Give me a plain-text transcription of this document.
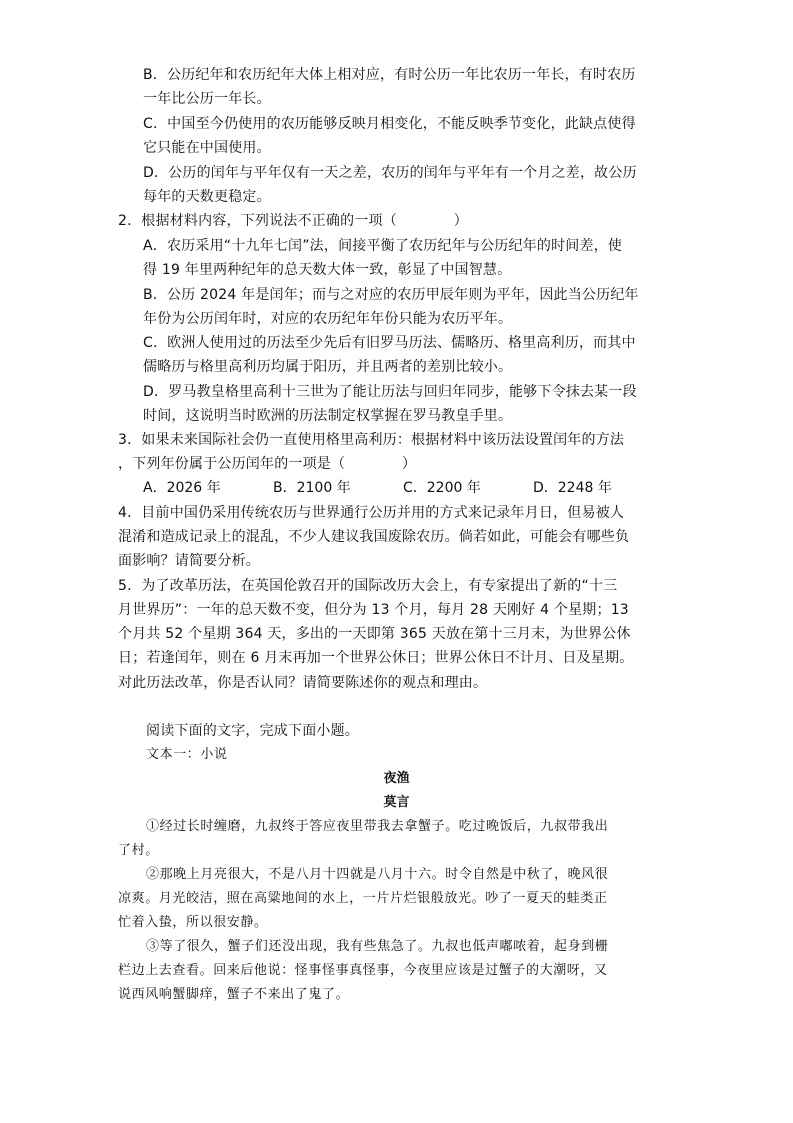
B．公历纪年和农历纪年大体上相对应，有时公历一年比农历一年长，有时农历
一年比公历一年长。
C．中国至今仍使用的农历能够反映月相变化，不能反映季节变化，此缺点使得
它只能在中国使用。
D．公历的闰年与平年仅有一天之差，农历的闰年与平年有一个月之差，故公历
每年的天数更稳定。
2．根据材料内容，下列说法不正确的一项（　　　　）
A．农历采用“十九年七闰”法，间接平衡了农历纪年与公历纪年的时间差，使
得 19 年里两种纪年的总天数大体一致，彰显了中国智慧。
B．公历 2024 年是闰年；而与之对应的农历甲辰年则为平年，因此当公历纪年
年份为公历闰年时，对应的农历纪年年份只能为农历平年。
C．欧洲人使用过的历法至少先后有旧罗马历法、儒略历、格里高利历，而其中
儒略历与格里高利历均属于阳历，并且两者的差别比较小。
D．罗马教皇格里高利十三世为了能让历法与回归年同步，能够下令抹去某一段
时间，这说明当时欧洲的历法制定权掌握在罗马教皇手里。
3．如果未来国际社会仍一直使用格里高利历：根据材料中该历法设置闰年的方法
，下列年份属于公历闰年的一项是（　　　　）
A．2026 年	B．2100 年	C．2200 年	D．2248 年
4．目前中国仍采用传统农历与世界通行公历并用的方式来记录年月日，但易被人
混淆和造成记录上的混乱，不少人建议我国废除农历。倘若如此，可能会有哪些负
面影响？请简要分析。
5．为了改革历法，在英国伦敦召开的国际改历大会上，有专家提出了新的“十三
月世界历”：一年的总天数不变，但分为 13 个月，每月 28 天刚好 4 个星期；13
个月共 52 个星期 364 天，多出的一天即第 365 天放在第十三月末，为世界公休
日；若逢闰年，则在 6 月末再加一个世界公休日；世界公休日不计月、日及星期。
对此历法改革，你是否认同？请简要陈述你的观点和理由。
阅读下面的文字，完成下面小题。
文本一：小说
夜渔
莫言
①经过长时缠磨，九叔终于答应夜里带我去拿蟹子。吃过晚饭后，九叔带我出
了村。
②那晚上月亮很大，不是八月十四就是八月十六。时令自然是中秋了，晚风很
凉爽。月光皎洁，照在高粱地间的水上，一片片烂银般放光。吵了一夏天的蛙类正
忙着入蛰，所以很安静。
③等了很久，蟹子们还没出现，我有些焦急了。九叔也低声嘟哝着，起身到栅
栏边上去查看。回来后他说：怪事怪事真怪事，今夜里应该是过蟹子的大潮呀，又
说西风响蟹脚痒，蟹子不来出了鬼了。
